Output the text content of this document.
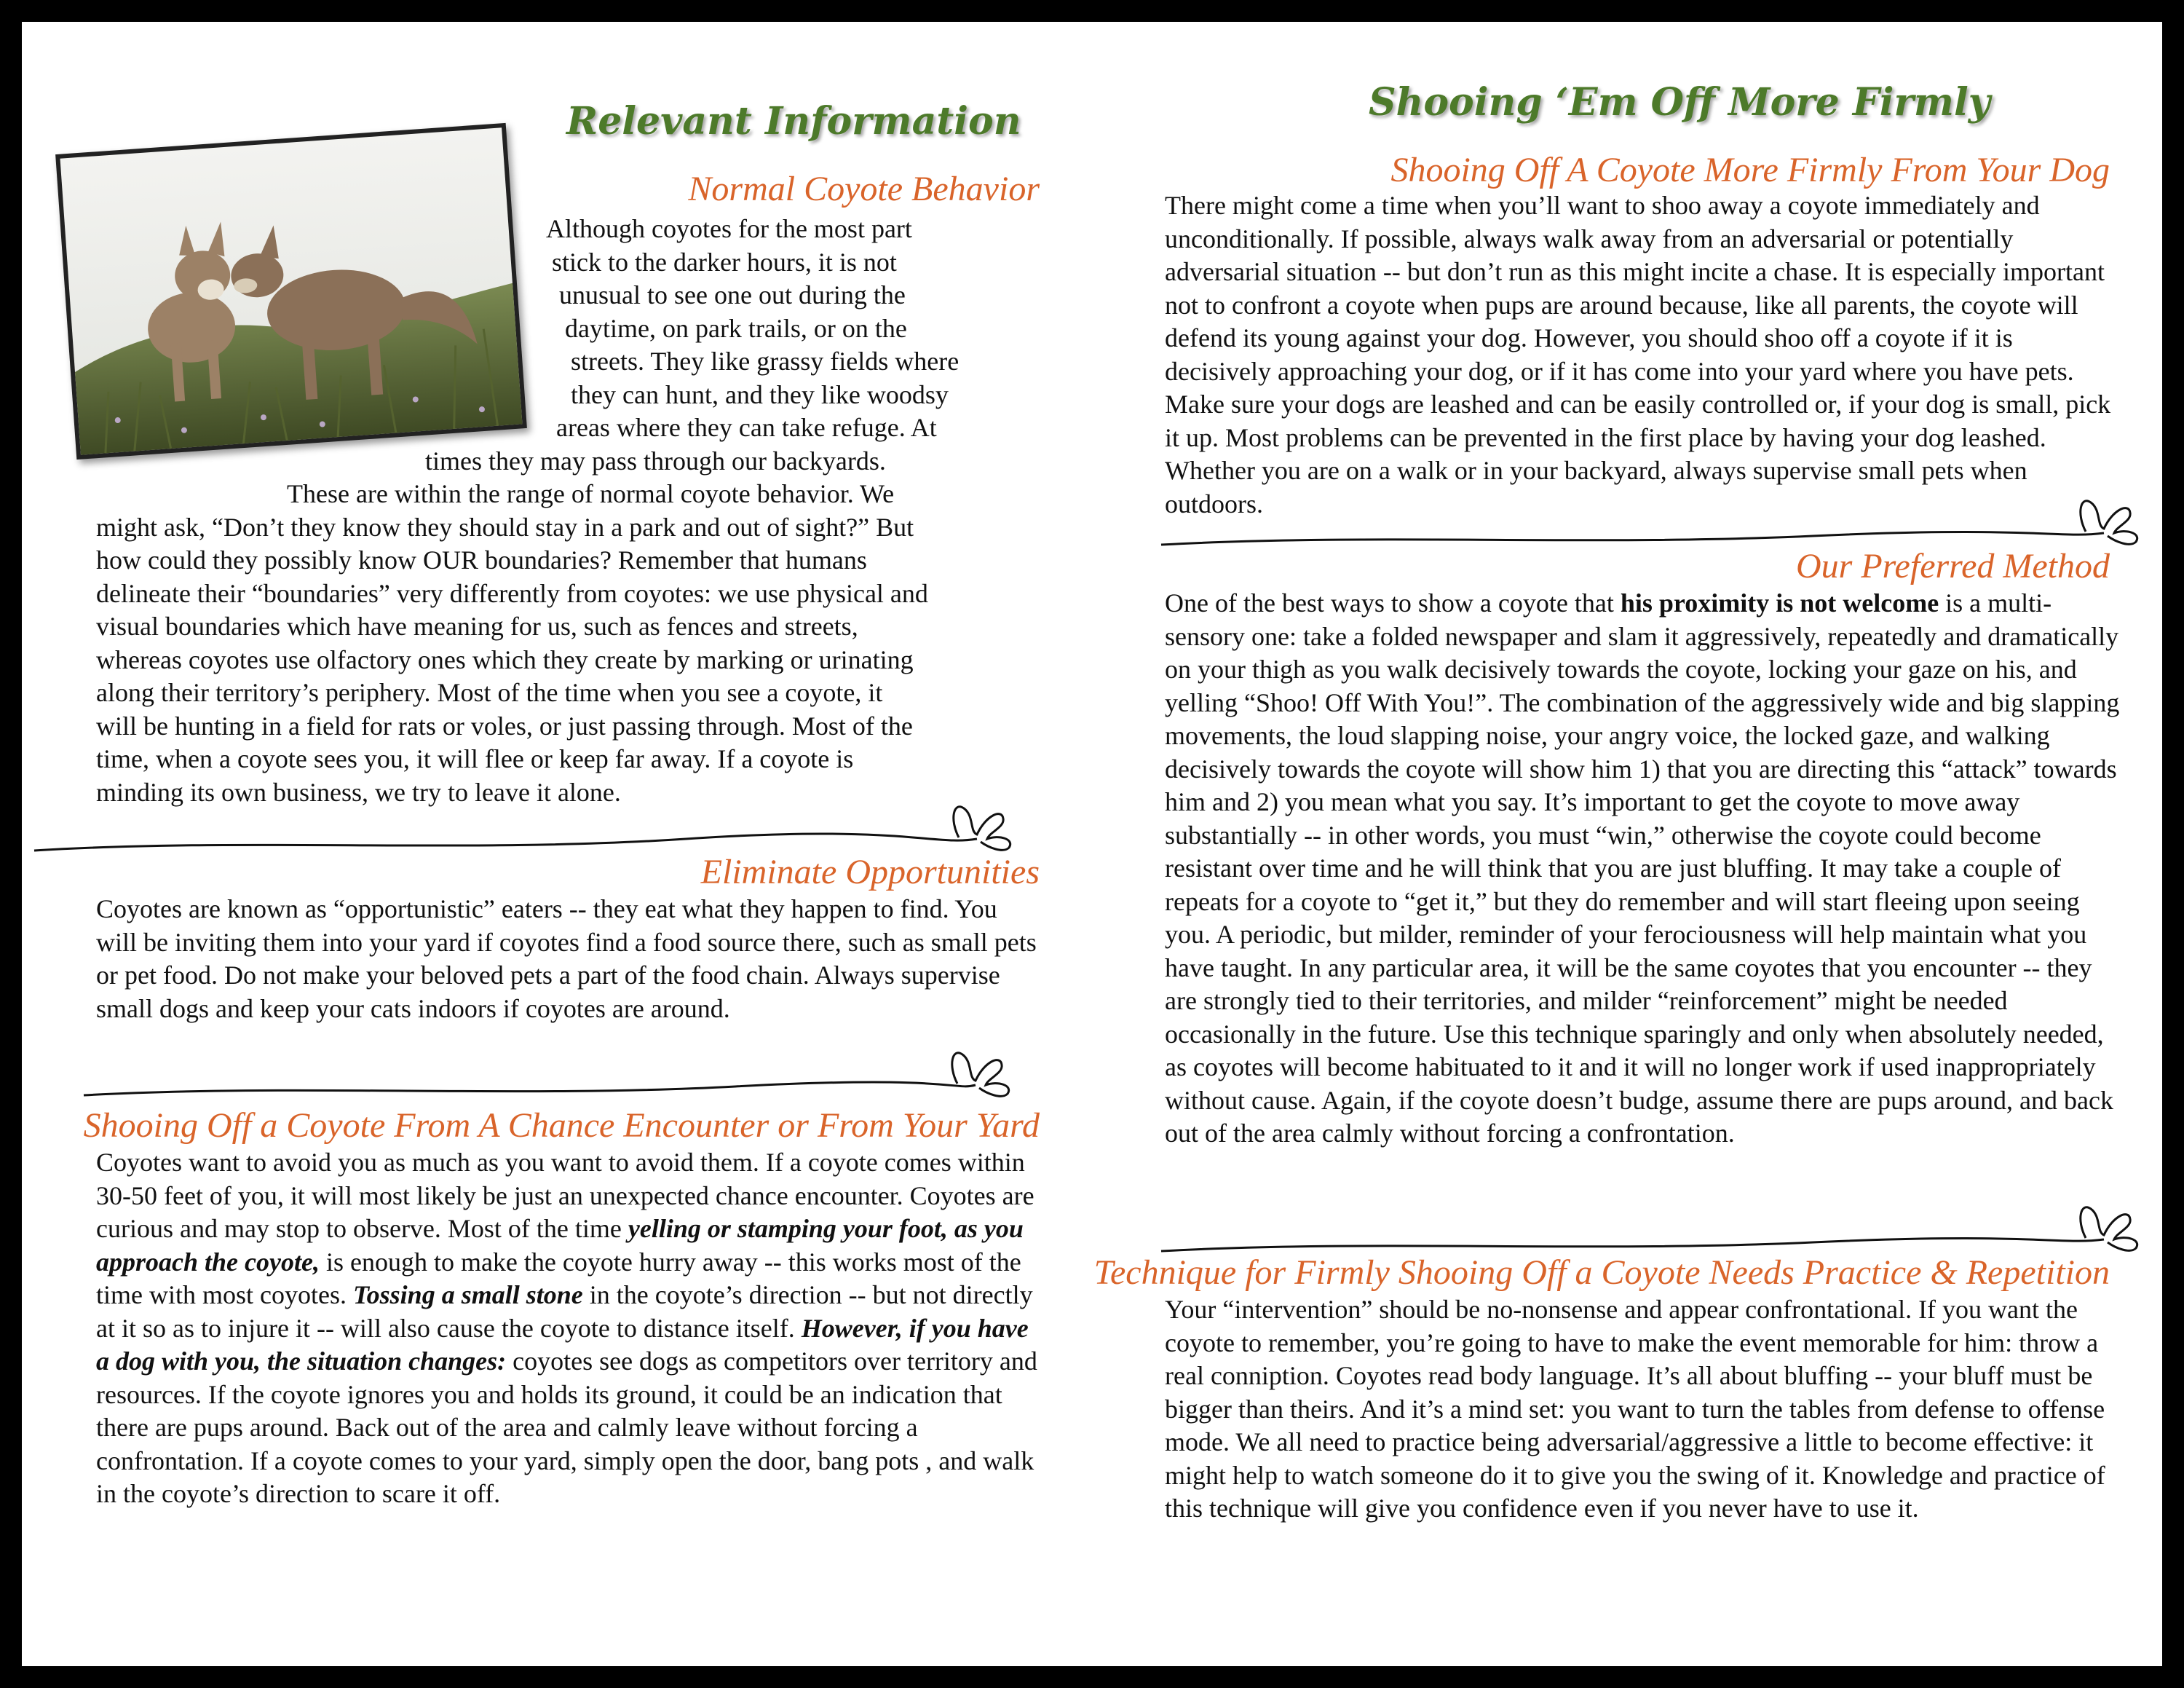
Relevant Information
Normal Coyote Behavior
Although coyotes for the most part
stick to the darker hours, it is not
unusual to see one out during the
daytime, on park trails, or on the
streets. They like grassy fields where
they can hunt, and they like woodsy
areas where they can take refuge. At
times they may pass through our backyards.
These are within the range of normal coyote behavior. We
might ask, “Don’t they know they should stay in a park and out of sight?” But
how could they possibly know OUR boundaries? Remember that humans
delineate their “boundaries” very differently from coyotes: we use physical and
visual boundaries which have meaning for us, such as fences and streets,
whereas coyotes use olfactory ones which they create by marking or urinating
along their territory’s periphery. Most of the time when you see a coyote, it
will be hunting in a field for rats or voles, or just passing through. Most of the
time, when a coyote sees you, it will flee or keep far away. If a coyote is
minding its own business, we try to leave it alone.
Eliminate Opportunities

Coyotes are known as “opportunistic” eaters -- they eat what they happen to find. You will be inviting them into your yard if coyotes find a food source there, such as small pets or pet food. Do not make your beloved pets a part of the food chain. Always supervise small dogs and keep your cats indoors if coyotes are around.

Shooing Off a Coyote From A Chance Encounter or From Your Yard

Coyotes want to avoid you as much as you want to avoid them. If a coyote comes within 30-50 feet of you, it will most likely be just an unexpected chance encounter. Coyotes are curious and may stop to observe. Most of the time yelling or stamping your foot, as you approach the coyote, is enough to make the coyote hurry away -- this works most of the time with most coyotes. Tossing a small stone in the coyote’s direction -- but not directly at it so as to injure it -- will also cause the coyote to distance itself. However, if you have a dog with you, the situation changes: coyotes see dogs as competitors over territory and resources. If the coyote ignores you and holds its ground, it could be an indication that there are pups around. Back out of the area and calmly leave without forcing a confrontation. If a coyote comes to your yard, simply open the door, bang pots , and walk in the coyote’s direction to scare it off.

Shooing ‘Em Off More Firmly
Shooing Off A Coyote More Firmly From Your Dog

There might come a time when you’ll want to shoo away a coyote immediately and unconditionally. If possible, always walk away from an adversarial or potentially adversarial situation -- but don’t run as this might incite a chase. It is especially important not to confront a coyote when pups are around because, like all parents, the coyote will defend its young against your dog. However, you should shoo off a coyote if it is decisively approaching your dog, or if it has come into your yard where you have pets. Make sure your dogs are leashed and can be easily controlled or, if your dog is small, pick it up. Most problems can be prevented in the first place by having your dog leashed. Whether you are on a walk or in your backyard, always supervise small pets when outdoors.

Our Preferred Method

One of the best ways to show a coyote that his proximity is not welcome is a multi-sensory one: take a folded newspaper and slam it aggressively, repeatedly and dramatically on your thigh as you walk decisively towards the coyote, locking your gaze on his, and yelling “Shoo! Off With You!”. The combination of the aggressively wide and big slapping movements, the loud slapping noise, your angry voice, the locked gaze, and walking decisively towards the coyote will show him 1) that you are directing this “attack” towards him and 2) you mean what you say. It’s important to get the coyote to move away substantially -- in other words, you must “win,” otherwise the coyote could become resistant over time and he will think that you are just bluffing. It may take a couple of repeats for a coyote to “get it,” but they do remember and will start fleeing upon seeing you. A periodic, but milder, reminder of your ferociousness will help maintain what you have taught. In any particular area, it will be the same coyotes that you encounter -- they are strongly tied to their territories, and milder “reinforcement” might be needed occasionally in the future. Use this technique sparingly and only when absolutely needed, as coyotes will become habituated to it and it will no longer work if used inappropriately without cause. Again, if the coyote doesn’t budge, assume there are pups around, and back out of the area calmly without forcing a confrontation.

Technique for Firmly Shooing Off a Coyote Needs Practice & Repetition

Your “intervention” should be no-nonsense and appear confrontational. If you want the coyote to remember, you’re going to have to make the event memorable for him: throw a real conniption. Coyotes read body language. It’s all about bluffing -- your bluff must be bigger than theirs. And it’s a mind set: you want to turn the tables from defense to offense mode. We all need to practice being adversarial/aggressive a little to become effective: it might help to watch someone do it to give you the swing of it. Knowledge and practice of this technique will give you confidence even if you never have to use it.
